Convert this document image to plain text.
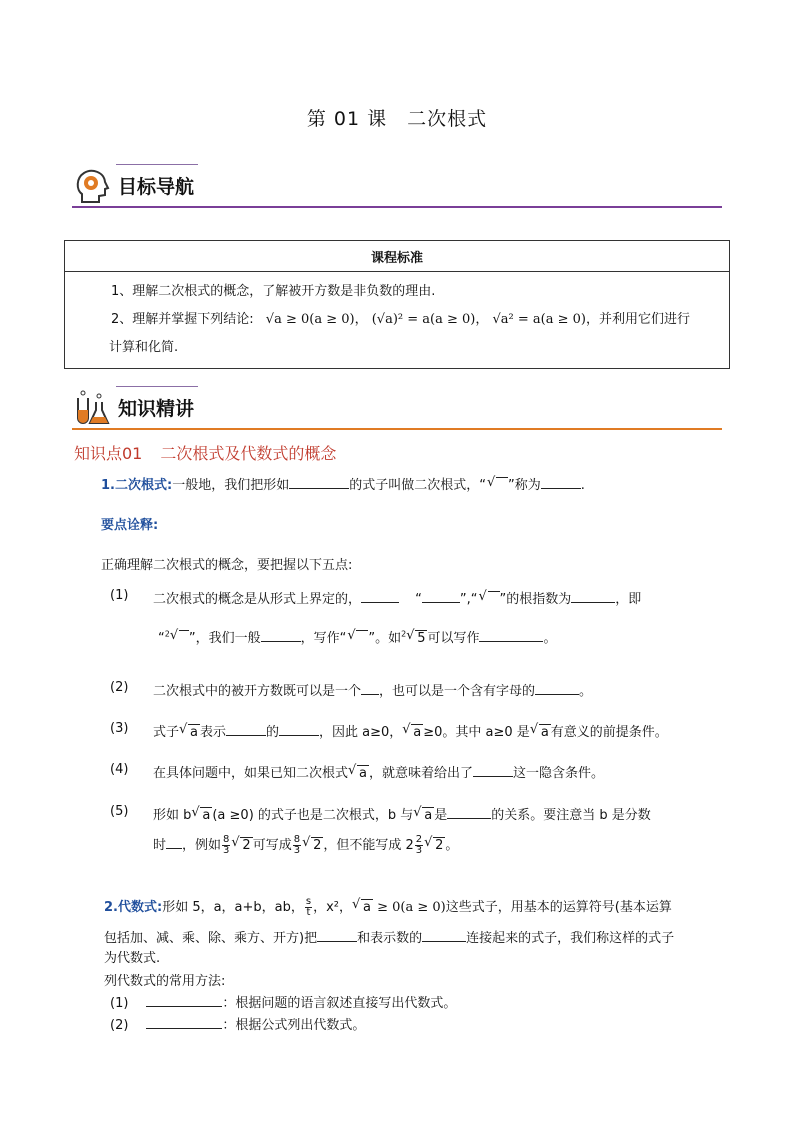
第 01 课　二次根式
目标导航
课程标准

1、理解二次根式的概念，了解被开方数是非负数的理由.
2、理解并掌握下列结论: √a ≥ 0(a ≥ 0)， (√a)² = a(a ≥ 0)， √a² = a(a ≥ 0)，并利用它们进行
计算和化简.
知识精讲
知识点01 二次根式及代数式的概念
1.二次根式:一般地，我们把形如	的式子叫做二次根式，“ √ ”称为	.
要点诠释:
正确理解二次根式的概念，要把握以下五点:
(1) 二次根式的概念是从形式上界定的，	“	”,“ √ ”的根指数为	，即
“$^2$ √ ”，我们一般	，写作“ √ ”。如$^2$ √ 5 可以写作	。
(2) 二次根式中的被开方数既可以是一个 ，也可以是一个含有字母的	。
(3) 式子 √ a 表示	的	，因此 a≥0， √ a ≥0。其中 a≥0 是 √ a 有意义的前提条件。
(4) 在具体问题中，如果已知二次根式 √ a ，就意味着给出了	这一隐含条件。
(5) 形如 b √ a (a ≥0) 的式子也是二次根式，b 与 √ a 是	的关系。要注意当 b 是分数
时 ，例如 $\frac{8}{3}$ √ 2 可写成 $\frac{8}{3}$ √ 2 ，但不能写成 $2 \frac{2}{3}$ √ 2 。
2.代数式:形如 5，a，a+b，ab， $\frac{s}{t}$ ，x²， √ a ≥ 0(a ≥ 0)这些式子，用基本的运算符号(基本运算
包括加、减、乘、除、乘方、开方)把	和表示数的	连接起来的式子，我们称这样的式子
为代数式.
列代数式的常用方法:
(1)	：根据问题的语言叙述直接写出代数式。
(2)	：根据公式列出代数式。
